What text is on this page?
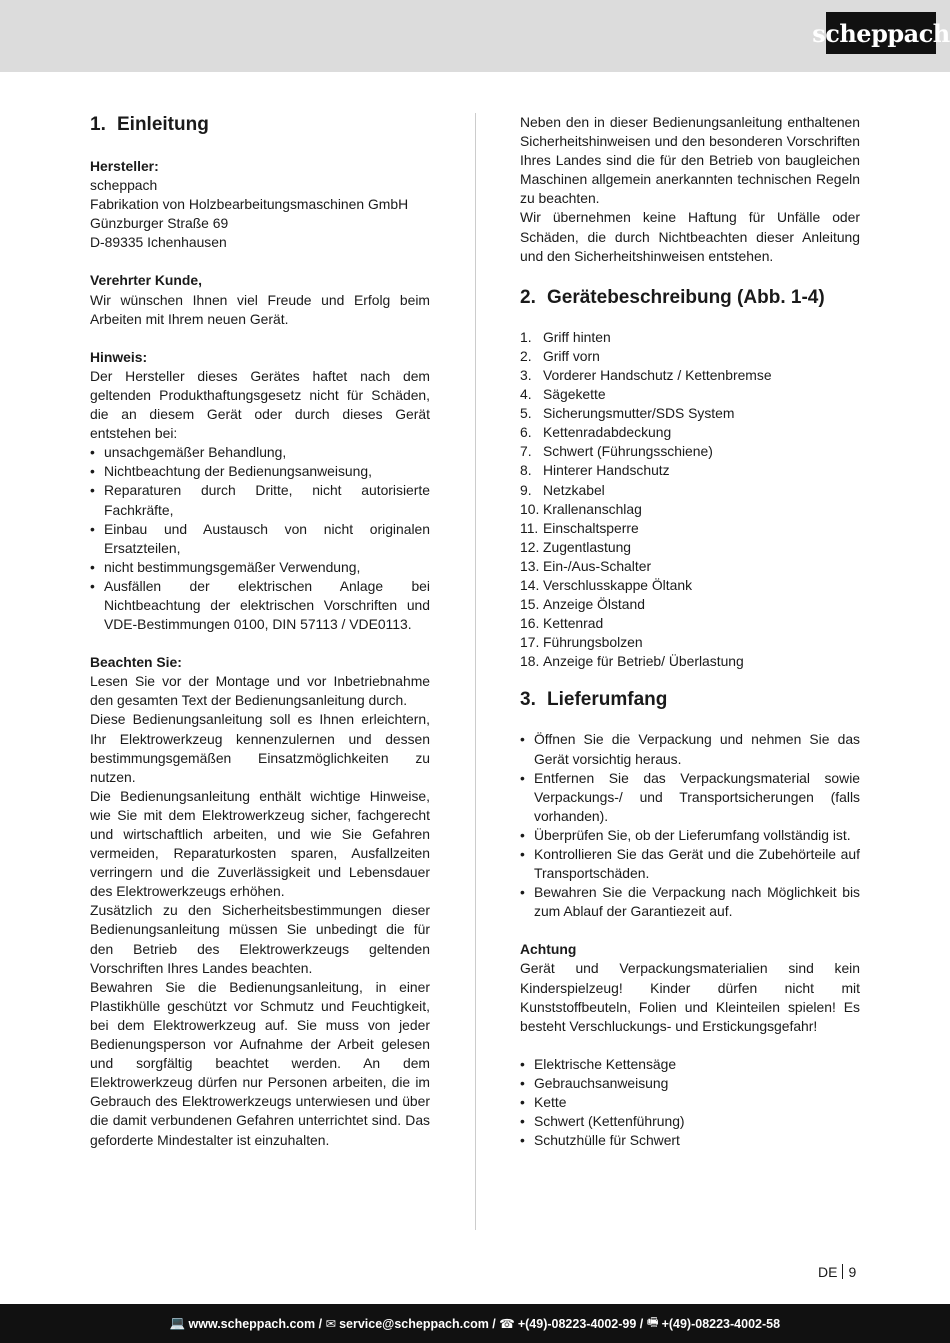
scheppach
1. Einleitung
Hersteller:
scheppach
Fabrikation von Holzbearbeitungsmaschinen GmbH
Günzburger Straße 69
D-89335 Ichenhausen
Verehrter Kunde,

Wir wünschen Ihnen viel Freude und Erfolg beim Arbeiten mit Ihrem neuen Gerät.

Hinweis:

Der Hersteller dieses Gerätes haftet nach dem geltenden Produkthaftungsgesetz nicht für Schäden, die an diesem Gerät oder durch dieses Gerät entstehen bei:

• unsachgemäßer Behandlung,
• Nichtbeachtung der Bedienungsanweisung,
• Reparaturen durch Dritte, nicht autorisierte Fachkräfte,
• Einbau und Austausch von nicht originalen Ersatzteilen,
• nicht bestimmungsgemäßer Verwendung,
• Ausfällen der elektrischen Anlage bei Nichtbeachtung der elektrischen Vorschriften und VDE-Bestimmungen 0100, DIN 57113 / VDE0113.
Beachten Sie:

Lesen Sie vor der Montage und vor Inbetriebnahme den gesamten Text der Bedienungsanleitung durch.

Diese Bedienungsanleitung soll es Ihnen erleichtern, Ihr Elektrowerkzeug kennenzulernen und dessen bestimmungsgemäßen Einsatzmöglichkeiten zu nutzen.

Die Bedienungsanleitung enthält wichtige Hinweise, wie Sie mit dem Elektrowerkzeug sicher, fachgerecht und wirtschaftlich arbeiten, und wie Sie Gefahren vermeiden, Reparaturkosten sparen, Ausfallzeiten verringern und die Zuverlässigkeit und Lebensdauer des Elektrowerkzeugs erhöhen.

Zusätzlich zu den Sicherheitsbestimmungen dieser Bedienungsanleitung müssen Sie unbedingt die für den Betrieb des Elektrowerkzeugs geltenden Vorschriften Ihres Landes beachten.

Bewahren Sie die Bedienungsanleitung, in einer Plastikhülle geschützt vor Schmutz und Feuchtigkeit, bei dem Elektrowerkzeug auf. Sie muss von jeder Bedienungsperson vor Aufnahme der Arbeit gelesen und sorgfältig beachtet werden. An dem Elektrowerkzeug dürfen nur Personen arbeiten, die im Gebrauch des Elektrowerkzeugs unterwiesen und über die damit verbundenen Gefahren unterrichtet sind. Das geforderte Mindestalter ist einzuhalten.

Neben den in dieser Bedienungsanleitung enthaltenen Sicherheitshinweisen und den besonderen Vorschriften Ihres Landes sind die für den Betrieb von baugleichen Maschinen allgemein anerkannten technischen Regeln zu beachten.

Wir übernehmen keine Haftung für Unfälle oder Schäden, die durch Nichtbeachten dieser Anleitung und den Sicherheitshinweisen entstehen.

2. Gerätebeschreibung (Abb. 1-4)
1. Griff hinten
2. Griff vorn
3. Vorderer Handschutz / Kettenbremse
4. Sägekette
5. Sicherungsmutter/SDS System
6. Kettenradabdeckung
7. Schwert (Führungsschiene)
8. Hinterer Handschutz
9. Netzkabel
10. Krallenanschlag
11. Einschaltsperre
12. Zugentlastung
13. Ein-/Aus-Schalter
14. Verschlusskappe Öltank
15. Anzeige Ölstand
16. Kettenrad
17. Führungsbolzen
18. Anzeige für Betrieb/ Überlastung
3. Lieferumfang
• Öffnen Sie die Verpackung und nehmen Sie das Gerät vorsichtig heraus.
• Entfernen Sie das Verpackungsmaterial sowie Verpackungs-/ und Transportsicherungen (falls vorhanden).
• Überprüfen Sie, ob der Lieferumfang vollständig ist.
• Kontrollieren Sie das Gerät und die Zubehörteile auf Transportschäden.
• Bewahren Sie die Verpackung nach Möglichkeit bis zum Ablauf der Garantiezeit auf.
Achtung

Gerät und Verpackungsmaterialien sind kein Kinderspielzeug! Kinder dürfen nicht mit Kunststoffbeuteln, Folien und Kleinteilen spielen! Es besteht Verschluckungs- und Erstickungsgefahr!

• Elektrische Kettensäge
• Gebrauchsanweisung
• Kette
• Schwert (Kettenführung)
• Schutzhülle für Schwert
DE 9
💻 www.scheppach.com / ✉ service@scheppach.com / ☎ +(49)-08223-4002-99 / 🖷 +(49)-08223-4002-58
